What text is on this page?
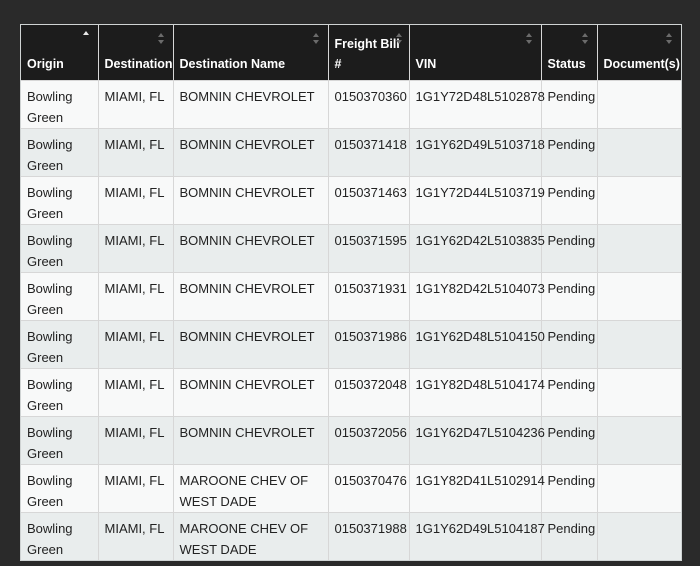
Origin	Destination	Destination Name	Freight Bill #	VIN	Status	Document(s)
Bowling Green	MIAMI, FL	BOMNIN CHEVROLET	0150370360	1G1Y72D48L5102878	Pending	
Bowling Green	MIAMI, FL	BOMNIN CHEVROLET	0150371418	1G1Y62D49L5103718	Pending	
Bowling Green	MIAMI, FL	BOMNIN CHEVROLET	0150371463	1G1Y72D44L5103719	Pending	
Bowling Green	MIAMI, FL	BOMNIN CHEVROLET	0150371595	1G1Y62D42L5103835	Pending	
Bowling Green	MIAMI, FL	BOMNIN CHEVROLET	0150371931	1G1Y82D42L5104073	Pending	
Bowling Green	MIAMI, FL	BOMNIN CHEVROLET	0150371986	1G1Y62D48L5104150	Pending	
Bowling Green	MIAMI, FL	BOMNIN CHEVROLET	0150372048	1G1Y82D48L5104174	Pending	
Bowling Green	MIAMI, FL	BOMNIN CHEVROLET	0150372056	1G1Y62D47L5104236	Pending	
Bowling Green	MIAMI, FL	MAROONE CHEV OF WEST DADE	0150370476	1G1Y82D41L5102914	Pending	
Bowling Green	MIAMI, FL	MAROONE CHEV OF WEST DADE	0150371988	1G1Y62D49L5104187	Pending	
